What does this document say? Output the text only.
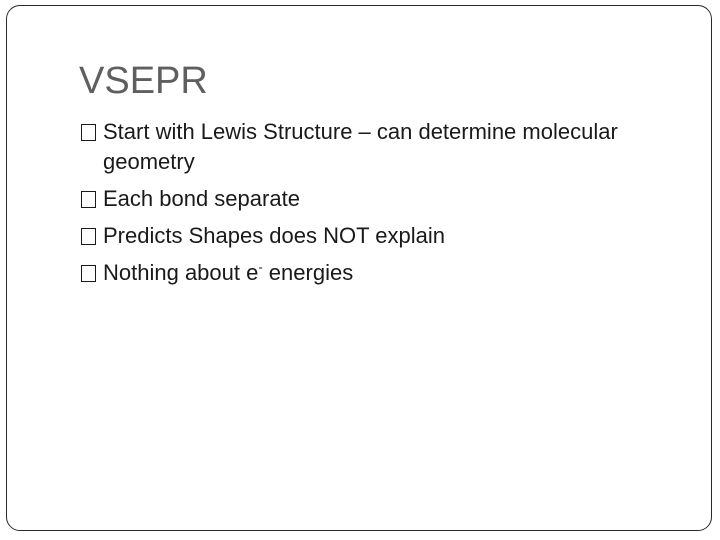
VSEPR
Start with Lewis Structure – can determine molecular geometry
Each bond separate
Predicts Shapes does NOT explain
Nothing about e- energies
